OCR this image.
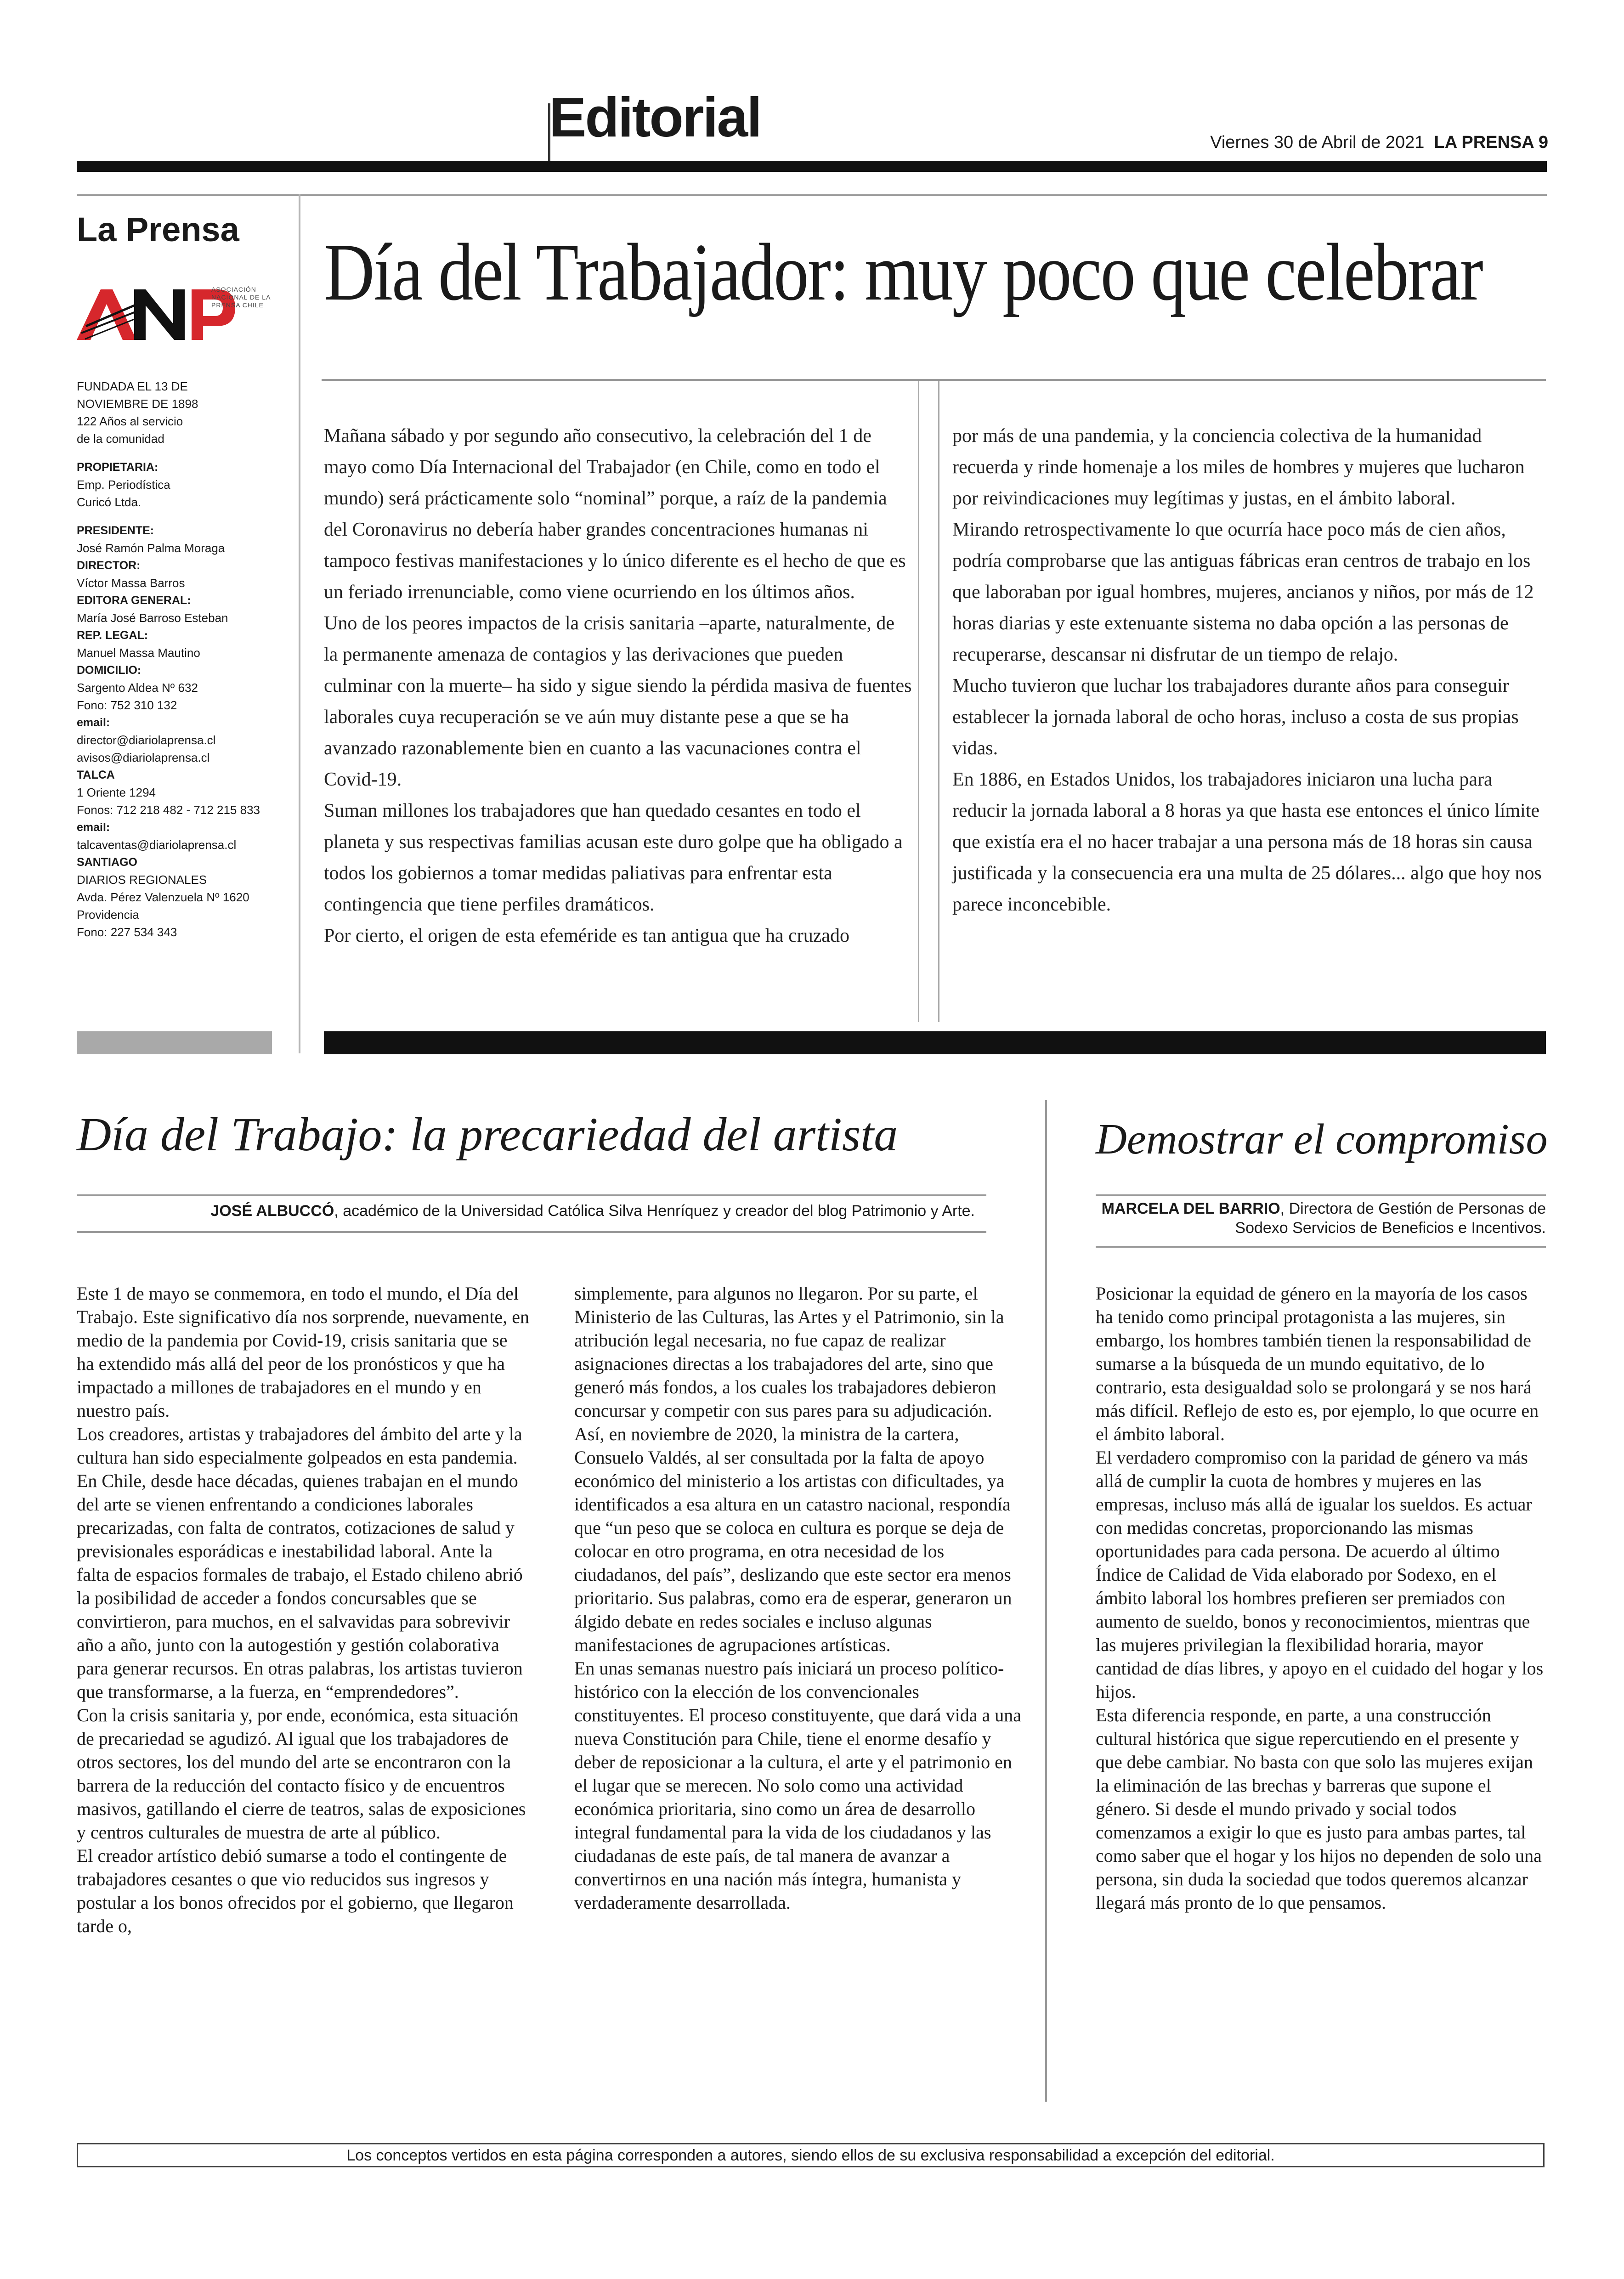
Editorial	Viernes 30 de Abril de 2021 LA PRENSA 9
La Prensa
ASOCIACIÓN NACIONAL DE LA PRENSA CHILE
FUNDADA EL 13 DE
NOVIEMBRE DE 1898
122 Años al servicio
de la comunidad
PROPIETARIA:
Emp. Periodística
Curicó Ltda.
PRESIDENTE:
José Ramón Palma Moraga
DIRECTOR:
Víctor Massa Barros
EDITORA GENERAL:
María José Barroso Esteban
REP. LEGAL:
Manuel Massa Mautino
DOMICILIO:
Sargento Aldea Nº 632
Fono: 752 310 132
email:
director@diariolaprensa.cl
avisos@diariolaprensa.cl
TALCA
1 Oriente 1294
Fonos: 712 218 482 - 712 215 833
email:
talcaventas@diariolaprensa.cl
SANTIAGO
DIARIOS REGIONALES
Avda. Pérez Valenzuela Nº 1620
Providencia
Fono: 227 534 343
Día del Trabajador: muy poco que celebrar

Mañana sábado y por segundo año consecutivo, la celebración del 1 de mayo como Día Internacional del Trabajador (en Chile, como en todo el mundo) será prácticamente solo “nominal” porque, a raíz de la pandemia del Coronavirus no debería haber grandes concentraciones humanas ni tampoco festivas manifestaciones y lo único diferente es el hecho de que es un feriado irrenunciable, como viene ocurriendo en los últimos años.

Uno de los peores impactos de la crisis sanitaria –aparte, naturalmente, de la permanente amenaza de contagios y las derivaciones que pueden culminar con la muerte– ha sido y sigue siendo la pérdida masiva de fuentes laborales cuya recuperación se ve aún muy distante pese a que se ha avanzado razonablemente bien en cuanto a las vacunaciones contra el Covid-19.

Suman millones los trabajadores que han quedado cesantes en todo el planeta y sus respectivas familias acusan este duro golpe que ha obligado a todos los gobiernos a tomar medidas paliativas para enfrentar esta contingencia que tiene perfiles dramáticos.

Por cierto, el origen de esta efeméride es tan antigua que ha cruzado

por más de una pandemia, y la conciencia colectiva de la humanidad recuerda y rinde homenaje a los miles de hombres y mujeres que lucharon por reivindicaciones muy legítimas y justas, en el ámbito laboral.

Mirando retrospectivamente lo que ocurría hace poco más de cien años, podría comprobarse que las antiguas fábricas eran centros de trabajo en los que laboraban por igual hombres, mujeres, ancianos y niños, por más de 12 horas diarias y este extenuante sistema no daba opción a las personas de recuperarse, descansar ni disfrutar de un tiempo de relajo.

Mucho tuvieron que luchar los trabajadores durante años para conseguir establecer la jornada laboral de ocho horas, incluso a costa de sus propias vidas.

En 1886, en Estados Unidos, los trabajadores iniciaron una lucha para reducir la jornada laboral a 8 horas ya que hasta ese entonces el único límite que existía era el no hacer trabajar a una persona más de 18 horas sin causa justificada y la consecuencia era una multa de 25 dólares... algo que hoy nos parece inconcebible.

Día del Trabajo: la precariedad del artista
JOSÉ ALBUCCÓ, académico de la Universidad Católica Silva Henríquez y creador del blog Patrimonio y Arte.

Este 1 de mayo se conmemora, en todo el mundo, el Día del Trabajo. Este significativo día nos sorprende, nuevamente, en medio de la pandemia por Covid-19, crisis sanitaria que se ha extendido más allá del peor de los pronósticos y que ha impactado a millones de trabajadores en el mundo y en nuestro país.

Los creadores, artistas y trabajadores del ámbito del arte y la cultura han sido especialmente golpeados en esta pandemia. En Chile, desde hace décadas, quienes trabajan en el mundo del arte se vienen enfrentando a condiciones laborales precarizadas, con falta de contratos, cotizaciones de salud y previsionales esporádicas e inestabilidad laboral. Ante la falta de espacios formales de trabajo, el Estado chileno abrió la posibilidad de acceder a fondos concursables que se convirtieron, para muchos, en el salvavidas para sobrevivir año a año, junto con la autogestión y gestión colaborativa para generar recursos. En otras palabras, los artistas tuvieron que transformarse, a la fuerza, en “emprendedores”.

Con la crisis sanitaria y, por ende, económica, esta situación de precariedad se agudizó. Al igual que los trabajadores de otros sectores, los del mundo del arte se encontraron con la barrera de la reducción del contacto físico y de encuentros masivos, gatillando el cierre de teatros, salas de exposiciones y centros culturales de muestra de arte al público.

El creador artístico debió sumarse a todo el contingente de trabajadores cesantes o que vio reducidos sus ingresos y postular a los bonos ofrecidos por el gobierno, que llegaron tarde o,

simplemente, para algunos no llegaron. Por su parte, el Ministerio de las Culturas, las Artes y el Patrimonio, sin la atribución legal necesaria, no fue capaz de realizar asignaciones directas a los trabajadores del arte, sino que generó más fondos, a los cuales los trabajadores debieron concursar y competir con sus pares para su adjudicación.

Así, en noviembre de 2020, la ministra de la cartera, Consuelo Valdés, al ser consultada por la falta de apoyo económico del ministerio a los artistas con dificultades, ya identificados a esa altura en un catastro nacional, respondía que “un peso que se coloca en cultura es porque se deja de colocar en otro programa, en otra necesidad de los ciudadanos, del país”, deslizando que este sector era menos prioritario. Sus palabras, como era de esperar, generaron un álgido debate en redes sociales e incluso algunas manifestaciones de agrupaciones artísticas.

En unas semanas nuestro país iniciará un proceso político-histórico con la elección de los convencionales constituyentes. El proceso constituyente, que dará vida a una nueva Constitución para Chile, tiene el enorme desafío y deber de reposicionar a la cultura, el arte y el patrimonio en el lugar que se merecen. No solo como una actividad económica prioritaria, sino como un área de desarrollo integral fundamental para la vida de los ciudadanos y las ciudadanas de este país, de tal manera de avanzar a convertirnos en una nación más íntegra, humanista y verdaderamente desarrollada.

Demostrar el compromiso
MARCELA DEL BARRIO, Directora de Gestión de Personas de Sodexo Servicios de Beneficios e Incentivos.

Posicionar la equidad de género en la mayoría de los casos ha tenido como principal protagonista a las mujeres, sin embargo, los hombres también tienen la responsabilidad de sumarse a la búsqueda de un mundo equitativo, de lo contrario, esta desigualdad solo se prolongará y se nos hará más difícil. Reflejo de esto es, por ejemplo, lo que ocurre en el ámbito laboral.

El verdadero compromiso con la paridad de género va más allá de cumplir la cuota de hombres y mujeres en las empresas, incluso más allá de igualar los sueldos. Es actuar con medidas concretas, proporcionando las mismas oportunidades para cada persona. De acuerdo al último Índice de Calidad de Vida elaborado por Sodexo, en el ámbito laboral los hombres prefieren ser premiados con aumento de sueldo, bonos y reconocimientos, mientras que las mujeres privilegian la flexibilidad horaria, mayor cantidad de días libres, y apoyo en el cuidado del hogar y los hijos.

Esta diferencia responde, en parte, a una construcción cultural histórica que sigue repercutiendo en el presente y que debe cambiar. No basta con que solo las mujeres exijan la eliminación de las brechas y barreras que supone el género. Si desde el mundo privado y social todos comenzamos a exigir lo que es justo para ambas partes, tal como saber que el hogar y los hijos no dependen de solo una persona, sin duda la sociedad que todos queremos alcanzar llegará más pronto de lo que pensamos.

Los conceptos vertidos en esta página corresponden a autores, siendo ellos de su exclusiva responsabilidad a excepción del editorial.
